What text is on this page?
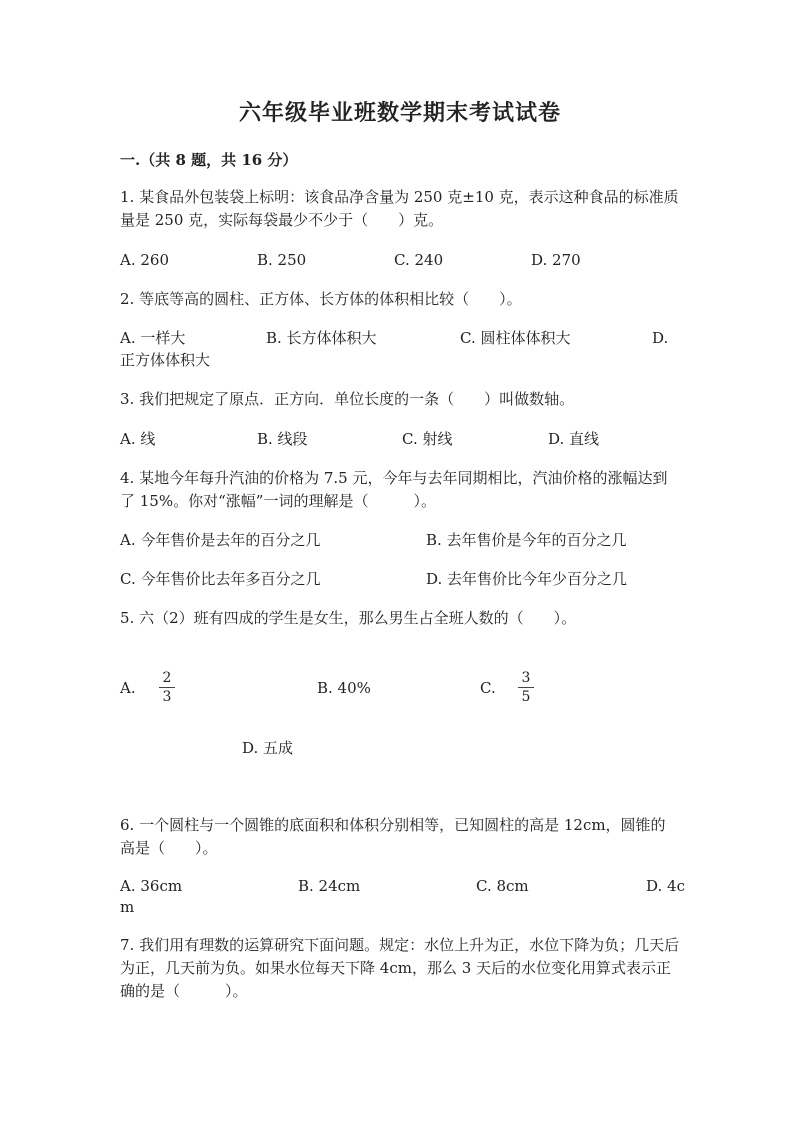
六年级毕业班数学期末考试试卷
一.（共 8 题，共 16 分）
1. 某食品外包装袋上标明：该食品净含量为 250 克±10 克，表示这种食品的标准质量是 250 克，实际每袋最少不少于（　　）克。
A. 260	B. 250	C. 240	D. 270
2. 等底等高的圆柱、正方体、长方体的体积相比较（　　）。
A. 一样大	B. 长方体体积大	C. 圆柱体体积大	D.
正方体体积大
3. 我们把规定了原点．正方向．单位长度的一条（　　）叫做数轴。
A. 线	B. 线段	C. 射线	D. 直线
4. 某地今年每升汽油的价格为 7.5 元，今年与去年同期相比，汽油价格的涨幅达到了 15%。你对“涨幅”一词的理解是（　　　）。
A. 今年售价是去年的百分之几	B. 去年售价是今年的百分之几
C. 今年售价比去年多百分之几	D. 去年售价比今年少百分之几
5. 六（2）班有四成的学生是女生，那么男生占全班人数的（　　）。
A.
2
3	B. 40%	C.
3
5
D. 五成
6. 一个圆柱与一个圆锥的底面积和体积分别相等，已知圆柱的高是 12cm，圆锥的高是（　　）。
A. 36cm	B. 24cm	C. 8cm	D. 4c
m
7. 我们用有理数的运算研究下面问题。规定：水位上升为正，水位下降为负；几天后为正，几天前为负。如果水位每天下降 4cm，那么 3 天后的水位变化用算式表示正确的是（　　　）。
